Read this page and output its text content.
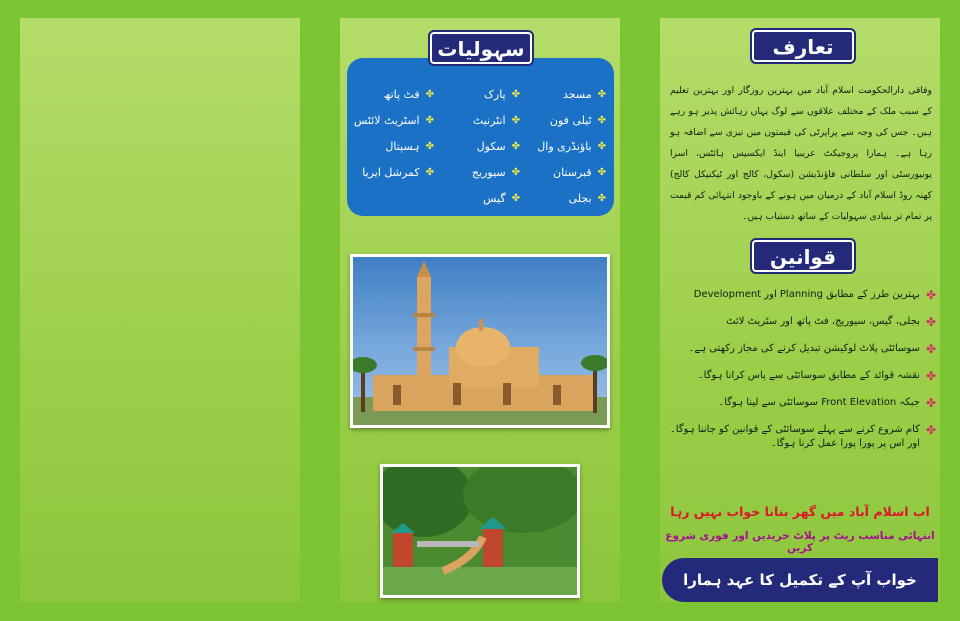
✤
مسجد
✤
ٹیلی فون
✤
باؤنڈری وال
✤
قبرستان
✤
بجلی
✤
پارک
✤
انٹرنیٹ
✤
سکول
✤
سیوریج
✤
گیس
✤
فٹ پاتھ
✤
اسٹریٹ لائٹس
✤
ہسپتال
✤
کمرشل ایریا
سہولیات	تعارف

وفاقی دارالحکومت اسلام آباد میں بہترین روزگار اور بہترین تعلیم کے سبب ملک کے مختلف علاقوں سے لوگ یہاں رہائش پذیر ہو رہے ہیں۔ جس کی وجہ سے پراپرٹی کی قیمتوں میں تیزی سے اضافہ ہو رہا ہے۔ ہمارا پروجیکٹ عریبیا اینڈ ایکسیس ہائٹس، اسرا یونیورسٹی اور سلطانی فاؤنڈیشن (سکول، کالج اور ٹیکنیکل کالج) کھنہ روڈ اسلام آباد کے درمیان میں ہونے کے باوجود انتہائی کم قیمت پر تمام تر بنیادی سہولیات کے ساتھ دستیاب ہیں۔

قوانین
✤
بہترین طرز کے مطابق Planning اور Development
✤
بجلی، گیس، سیوریج، فٹ پاتھ اور سٹریٹ لائٹ
✤
سوسائٹی پلاٹ لوکیشن تبدیل کرنے کی مجاز رکھتی ہے۔
✤
نقشہ قوائد کے مطابق سوسائٹی سے پاس کرانا ہوگا۔
✤
جبکہ Front Elevation سوسائٹی سے لینا ہوگا۔
✤
کام شروع کرنے سے پہلے سوسائٹی کے قوانین کو جاننا ہوگا۔ اور اس پر پورا پورا عمل کرنا ہوگا۔
اب اسلام آباد میں گھر بنانا خواب نہیں رہا
انتہائی مناسب ریٹ پر پلاٹ خریدیں اور فوری شروع کریں
خواب آپ کے تکمیل کا عہد ہمارا
